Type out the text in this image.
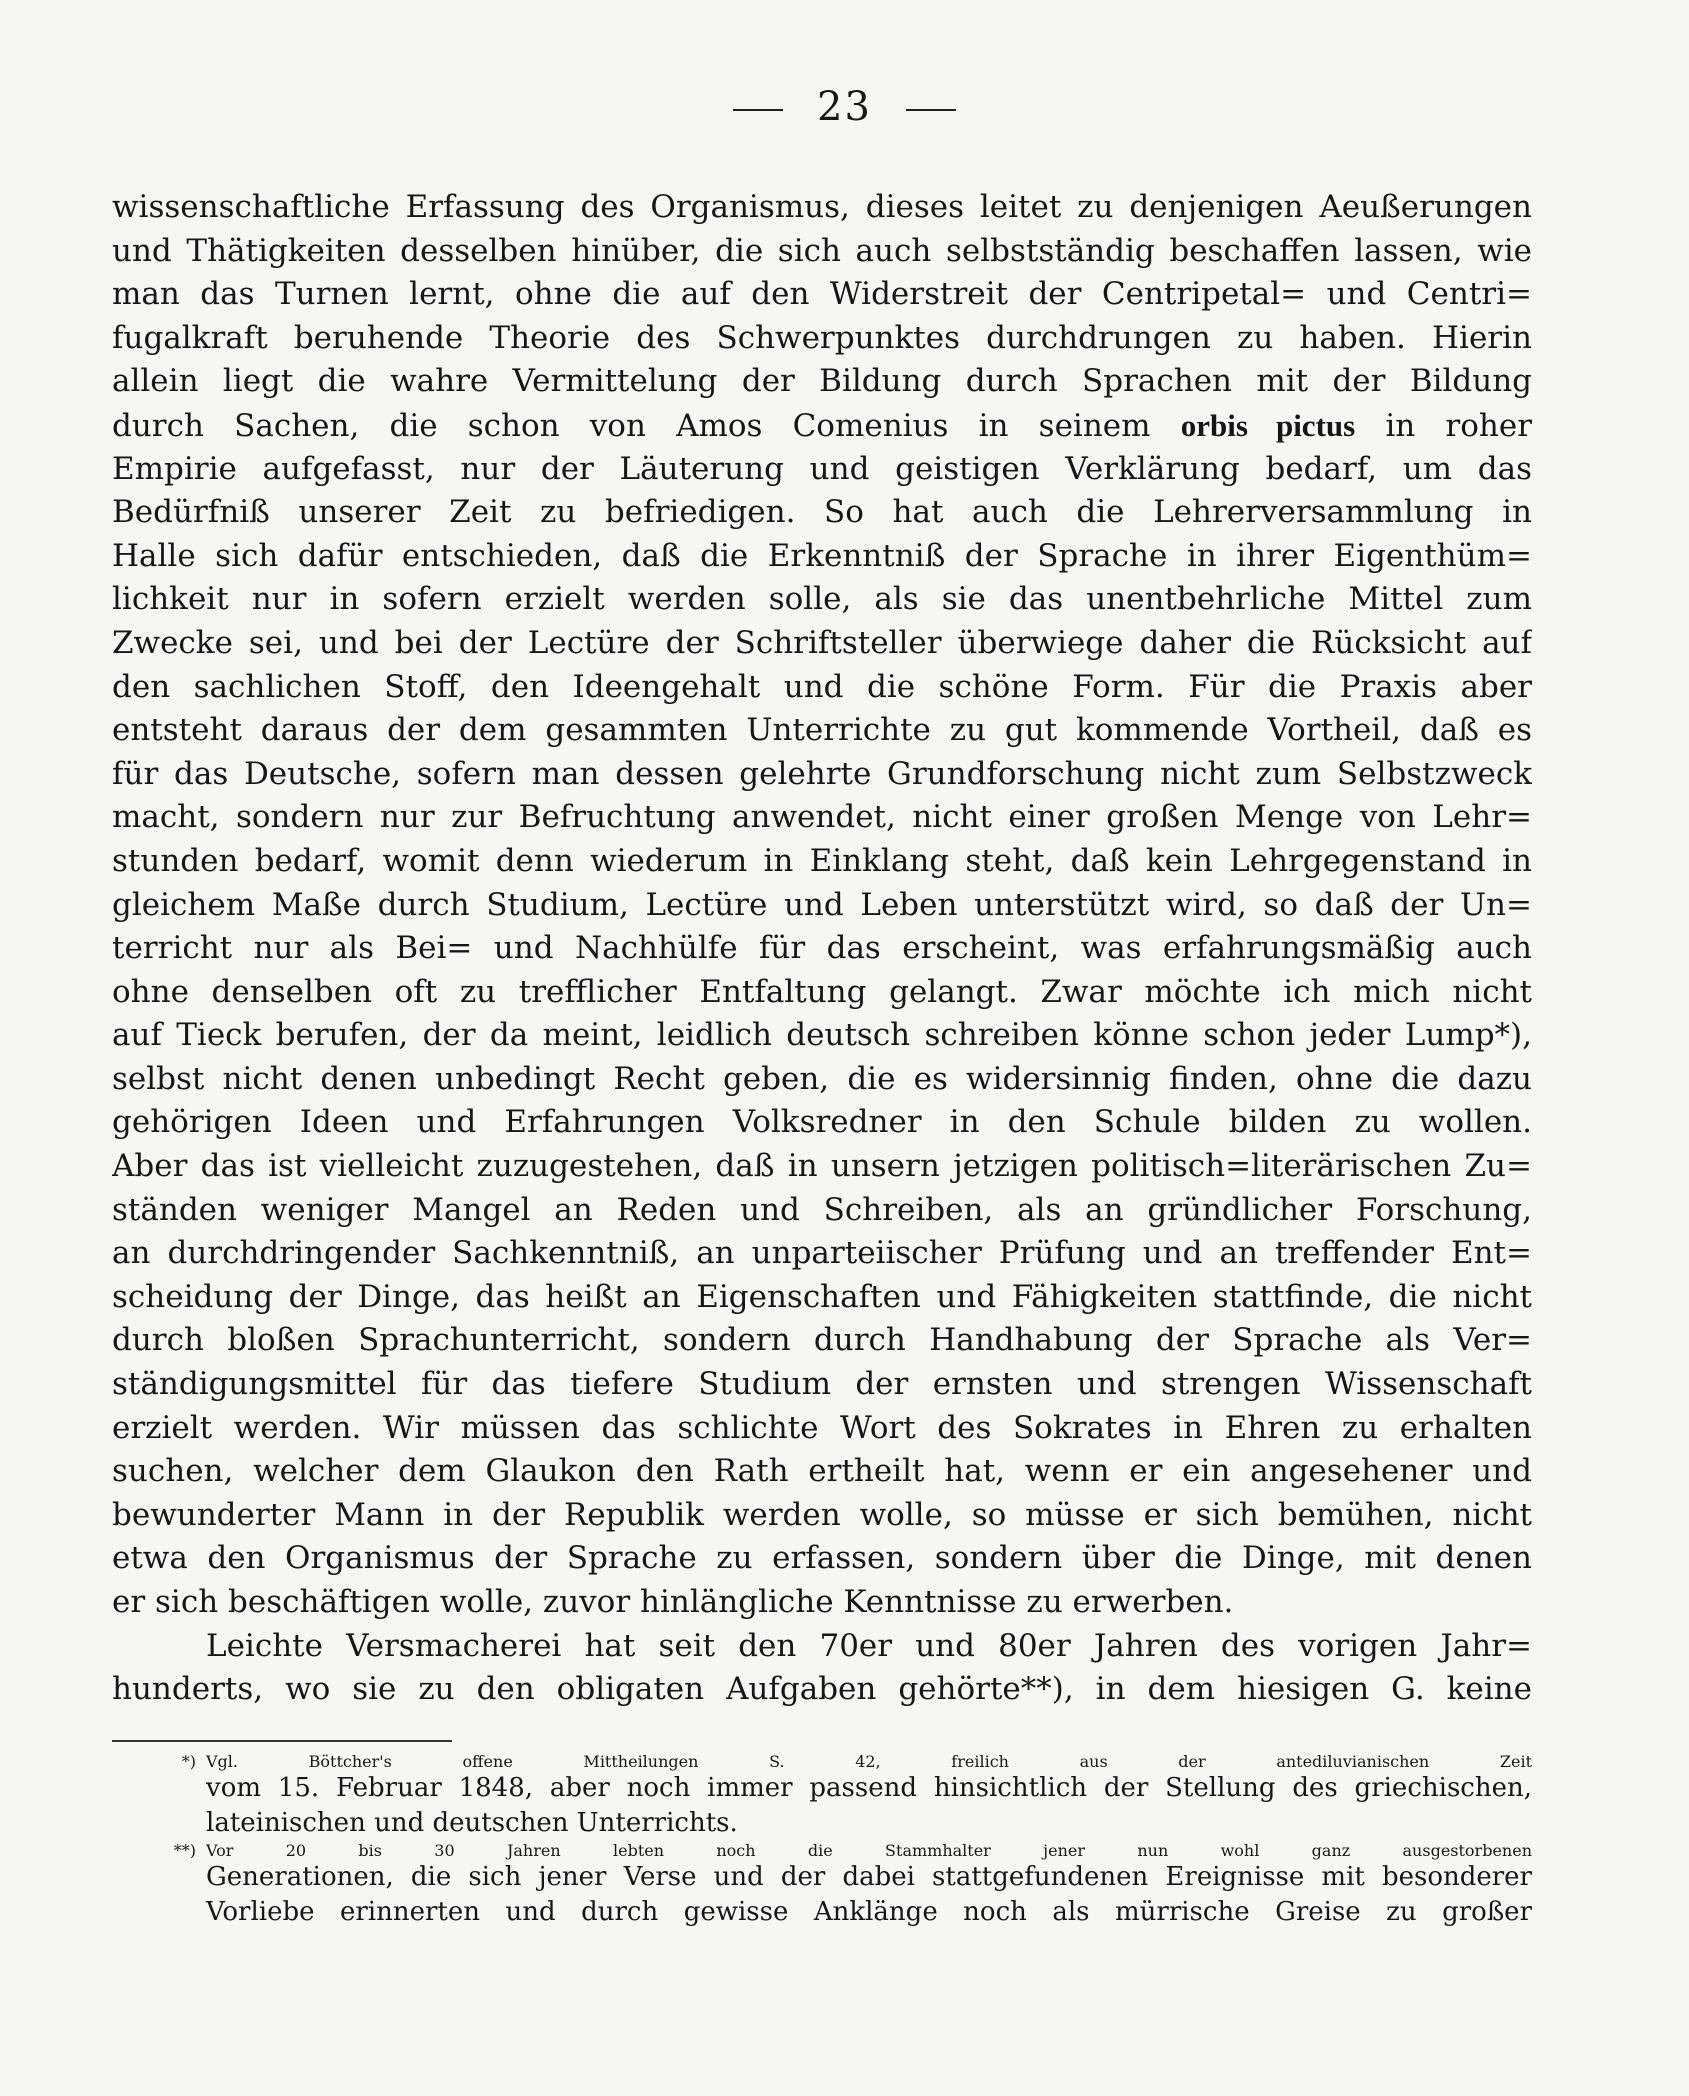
23
wissenschaftliche Erfassung des Organismus, dieses leitet zu denjenigen Aeußerungen
und Thätigkeiten desselben hinüber, die sich auch selbstständig beschaffen lassen, wie
man das Turnen lernt, ohne die auf den Widerstreit der Centripetal= und Centri=
fugalkraft beruhende Theorie des Schwerpunktes durchdrungen zu haben. Hierin
allein liegt die wahre Vermittelung der Bildung durch Sprachen mit der Bildung
durch Sachen, die schon von Amos Comenius in seinem orbis pictus in roher
Empirie aufgefasst, nur der Läuterung und geistigen Verklärung bedarf, um das
Bedürfniß unserer Zeit zu befriedigen. So hat auch die Lehrerversammlung in
Halle sich dafür entschieden, daß die Erkenntniß der Sprache in ihrer Eigenthüm=
lichkeit nur in sofern erzielt werden solle, als sie das unentbehrliche Mittel zum
Zwecke sei, und bei der Lectüre der Schriftsteller überwiege daher die Rücksicht auf
den sachlichen Stoff, den Ideengehalt und die schöne Form. Für die Praxis aber
entsteht daraus der dem gesammten Unterrichte zu gut kommende Vortheil, daß es
für das Deutsche, sofern man dessen gelehrte Grundforschung nicht zum Selbstzweck
macht, sondern nur zur Befruchtung anwendet, nicht einer großen Menge von Lehr=
stunden bedarf, womit denn wiederum in Einklang steht, daß kein Lehrgegenstand in
gleichem Maße durch Studium, Lectüre und Leben unterstützt wird, so daß der Un=
terricht nur als Bei= und Nachhülfe für das erscheint, was erfahrungsmäßig auch
ohne denselben oft zu trefflicher Entfaltung gelangt. Zwar möchte ich mich nicht
auf Tieck berufen, der da meint, leidlich deutsch schreiben könne schon jeder Lump*),
selbst nicht denen unbedingt Recht geben, die es widersinnig finden, ohne die dazu
gehörigen Ideen und Erfahrungen Volksredner in den Schule bilden zu wollen.
Aber das ist vielleicht zuzugestehen, daß in unsern jetzigen politisch=literärischen Zu=
ständen weniger Mangel an Reden und Schreiben, als an gründlicher Forschung,
an durchdringender Sachkenntniß, an unparteiischer Prüfung und an treffender Ent=
scheidung der Dinge, das heißt an Eigenschaften und Fähigkeiten stattfinde, die nicht
durch bloßen Sprachunterricht, sondern durch Handhabung der Sprache als Ver=
ständigungsmittel für das tiefere Studium der ernsten und strengen Wissenschaft
erzielt werden. Wir müssen das schlichte Wort des Sokrates in Ehren zu erhalten
suchen, welcher dem Glaukon den Rath ertheilt hat, wenn er ein angesehener und
bewunderter Mann in der Republik werden wolle, so müsse er sich bemühen, nicht
etwa den Organismus der Sprache zu erfassen, sondern über die Dinge, mit denen
er sich beschäftigen wolle, zuvor hinlängliche Kenntnisse zu erwerben.
Leichte Versmacherei hat seit den 70er und 80er Jahren des vorigen Jahr=
hunderts, wo sie zu den obligaten Aufgaben gehörte**), in dem hiesigen G. keine
*) Vgl. Böttcher's offene Mittheilungen S. 42, freilich aus der antediluvianischen Zeit
vom 15. Februar 1848, aber noch immer passend hinsichtlich der Stellung des griechischen,
lateinischen und deutschen Unterrichts.
**) Vor 20 bis 30 Jahren lebten noch die Stammhalter jener nun wohl ganz ausgestorbenen
Generationen, die sich jener Verse und der dabei stattgefundenen Ereignisse mit besonderer
Vorliebe erinnerten und durch gewisse Anklänge noch als mürrische Greise zu großer
